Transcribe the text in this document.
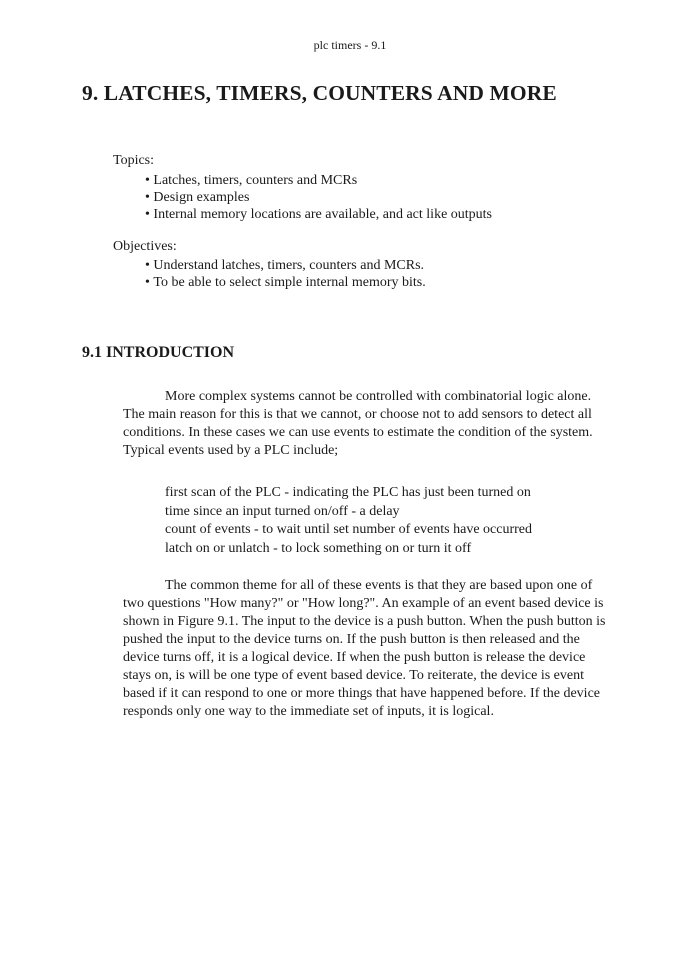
plc timers - 9.1
9. LATCHES, TIMERS, COUNTERS AND MORE
Topics:
• Latches, timers, counters and MCRs
• Design examples
• Internal memory locations are available, and act like outputs
Objectives:
• Understand latches, timers, counters and MCRs.
• To be able to select simple internal memory bits.
9.1 INTRODUCTION

More complex systems cannot be controlled with combinatorial logic alone. The main reason for this is that we cannot, or choose not to add sensors to detect all conditions. In these cases we can use events to estimate the condition of the system. Typical events used by a PLC include;

first scan of the PLC - indicating the PLC has just been turned on
time since an input turned on/off - a delay
count of events - to wait until set number of events have occurred
latch on or unlatch - to lock something on or turn it off

The common theme for all of these events is that they are based upon one of two questions "How many?" or "How long?". An example of an event based device is shown in Figure 9.1. The input to the device is a push button. When the push button is pushed the input to the device turns on. If the push button is then released and the device turns off, it is a logical device. If when the push button is release the device stays on, is will be one type of event based device. To reiterate, the device is event based if it can respond to one or more things that have happened before. If the device responds only one way to the immediate set of inputs, it is logical.
